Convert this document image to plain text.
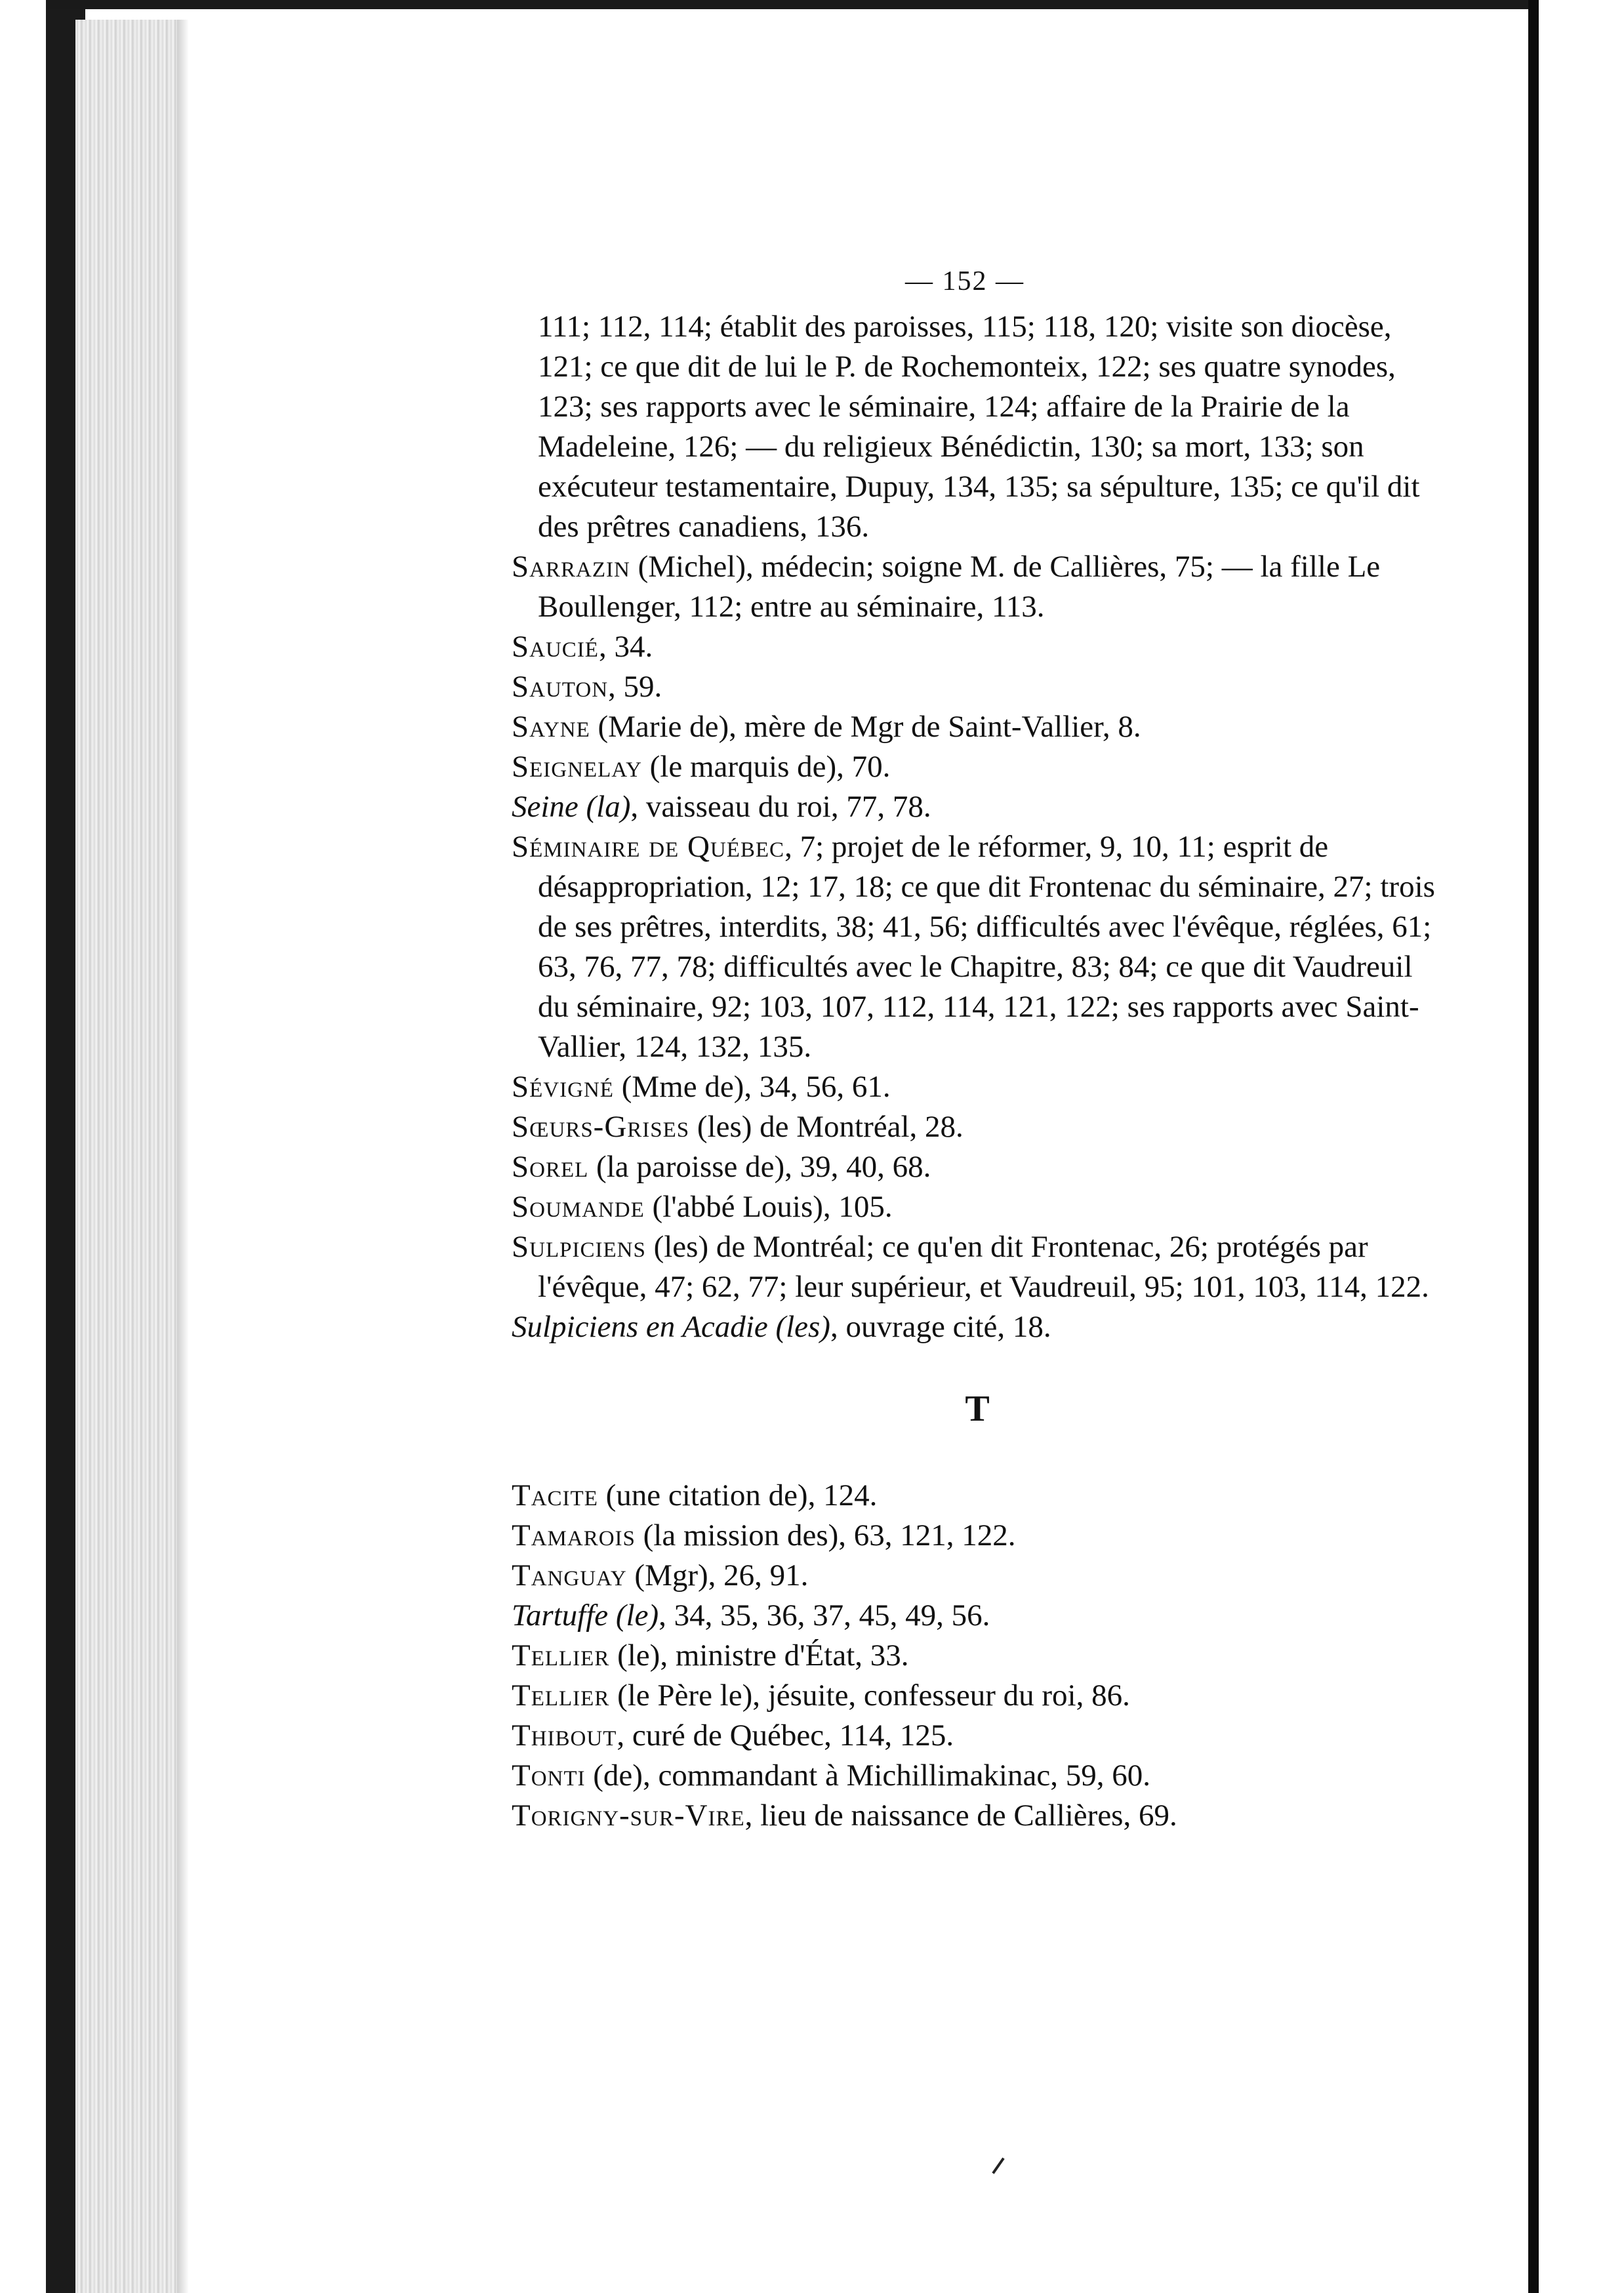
— 152 —

111; 112, 114; établit des paroisses, 115; 118, 120; visite son diocèse, 121; ce que dit de lui le P. de Rochemonteix, 122; ses quatre synodes, 123; ses rapports avec le séminaire, 124; affaire de la Prairie de la Madeleine, 126; — du religieux Bénédictin, 130; sa mort, 133; son exécuteur testamentaire, Dupuy, 134, 135; sa sépulture, 135; ce qu'il dit des prêtres canadiens, 136.

Sarrazin (Michel), médecin; soigne M. de Callières, 75; — la fille Le Boullenger, 112; entre au séminaire, 113.

Saucié, 34.

Sauton, 59.

Sayne (Marie de), mère de Mgr de Saint-Vallier, 8.

Seignelay (le marquis de), 70.

Seine (la), vaisseau du roi, 77, 78.

Séminaire de Québec, 7; projet de le réformer, 9, 10, 11; esprit de désappropriation, 12; 17, 18; ce que dit Frontenac du séminaire, 27; trois de ses prêtres, interdits, 38; 41, 56; difficultés avec l'évêque, réglées, 61; 63, 76, 77, 78; difficultés avec le Chapitre, 83; 84; ce que dit Vaudreuil du séminaire, 92; 103, 107, 112, 114, 121, 122; ses rapports avec Saint-Vallier, 124, 132, 135.

Sévigné (Mme de), 34, 56, 61.

Sœurs-Grises (les) de Montréal, 28.

Sorel (la paroisse de), 39, 40, 68.

Soumande (l'abbé Louis), 105.

Sulpiciens (les) de Montréal; ce qu'en dit Frontenac, 26; protégés par l'évêque, 47; 62, 77; leur supérieur, et Vaudreuil, 95; 101, 103, 114, 122.

Sulpiciens en Acadie (les), ouvrage cité, 18.

T

Tacite (une citation de), 124.

Tamarois (la mission des), 63, 121, 122.

Tanguay (Mgr), 26, 91.

Tartuffe (le), 34, 35, 36, 37, 45, 49, 56.

Tellier (le), ministre d'État, 33.

Tellier (le Père le), jésuite, confesseur du roi, 86.

Thibout, curé de Québec, 114, 125.

Tonti (de), commandant à Michillimakinac, 59, 60.

Torigny-sur-Vire, lieu de naissance de Callières, 69.
